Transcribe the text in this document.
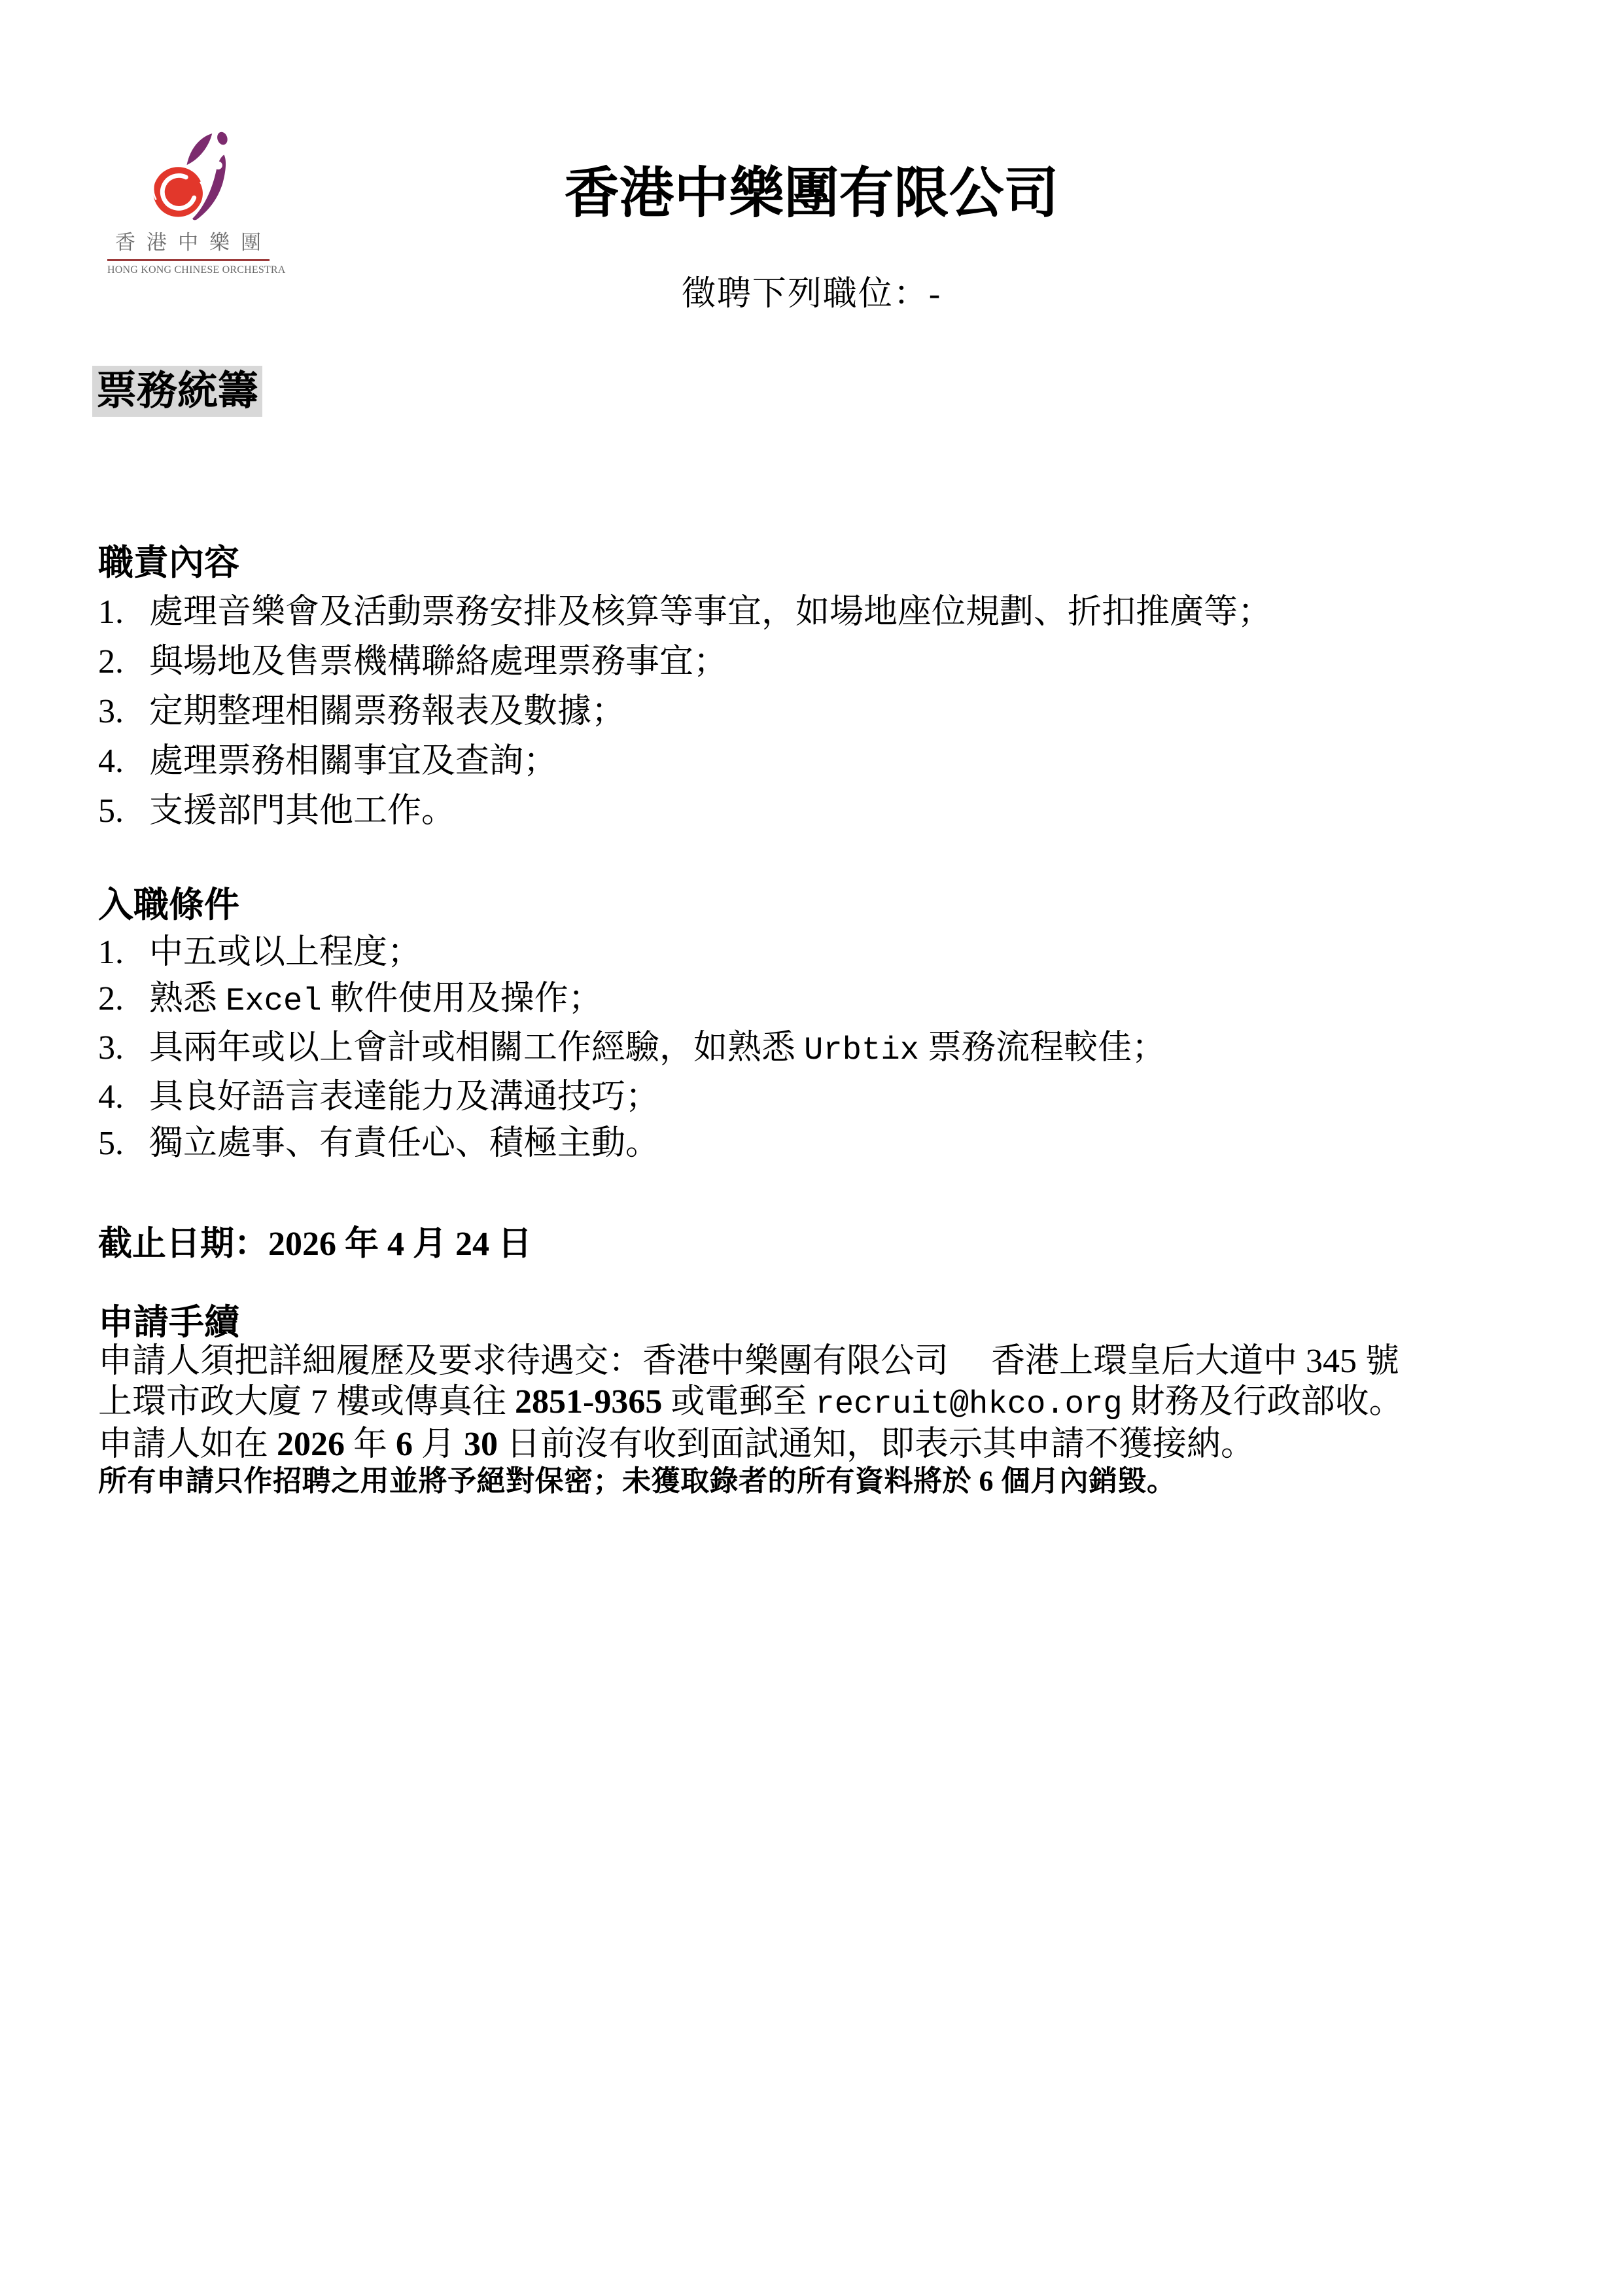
香港中樂團
HONG KONG CHINESE ORCHESTRA
香港中樂團有限公司
徵聘下列職位：-
票務統籌
職責內容
1. 處理音樂會及活動票務安排及核算等事宜，如場地座位規劃、折扣推廣等；
2. 與場地及售票機構聯絡處理票務事宜；
3. 定期整理相關票務報表及數據；
4. 處理票務相關事宜及查詢；
5. 支援部門其他工作。
入職條件
1. 中五或以上程度；
2. 熟悉 Excel 軟件使用及操作；
3. 具兩年或以上會計或相關工作經驗，如熟悉 Urbtix 票務流程較佳；
4. 具良好語言表達能力及溝通技巧；
5. 獨立處事、有責任心、積極主動。
截止日期：2026 年 4 月 24 日
申請手續
申請人須把詳細履歷及要求待遇交：香港中樂團有限公司　 香港上環皇后大道中 345 號
上環市政大廈 7 樓或傳真往 2851-9365 或電郵至 recruit@hkco.org 財務及行政部收。
申請人如在 2026 年 6 月 30 日前沒有收到面試通知，即表示其申請不獲接納。
所有申請只作招聘之用並將予絕對保密；未獲取錄者的所有資料將於 6 個月內銷毀。
